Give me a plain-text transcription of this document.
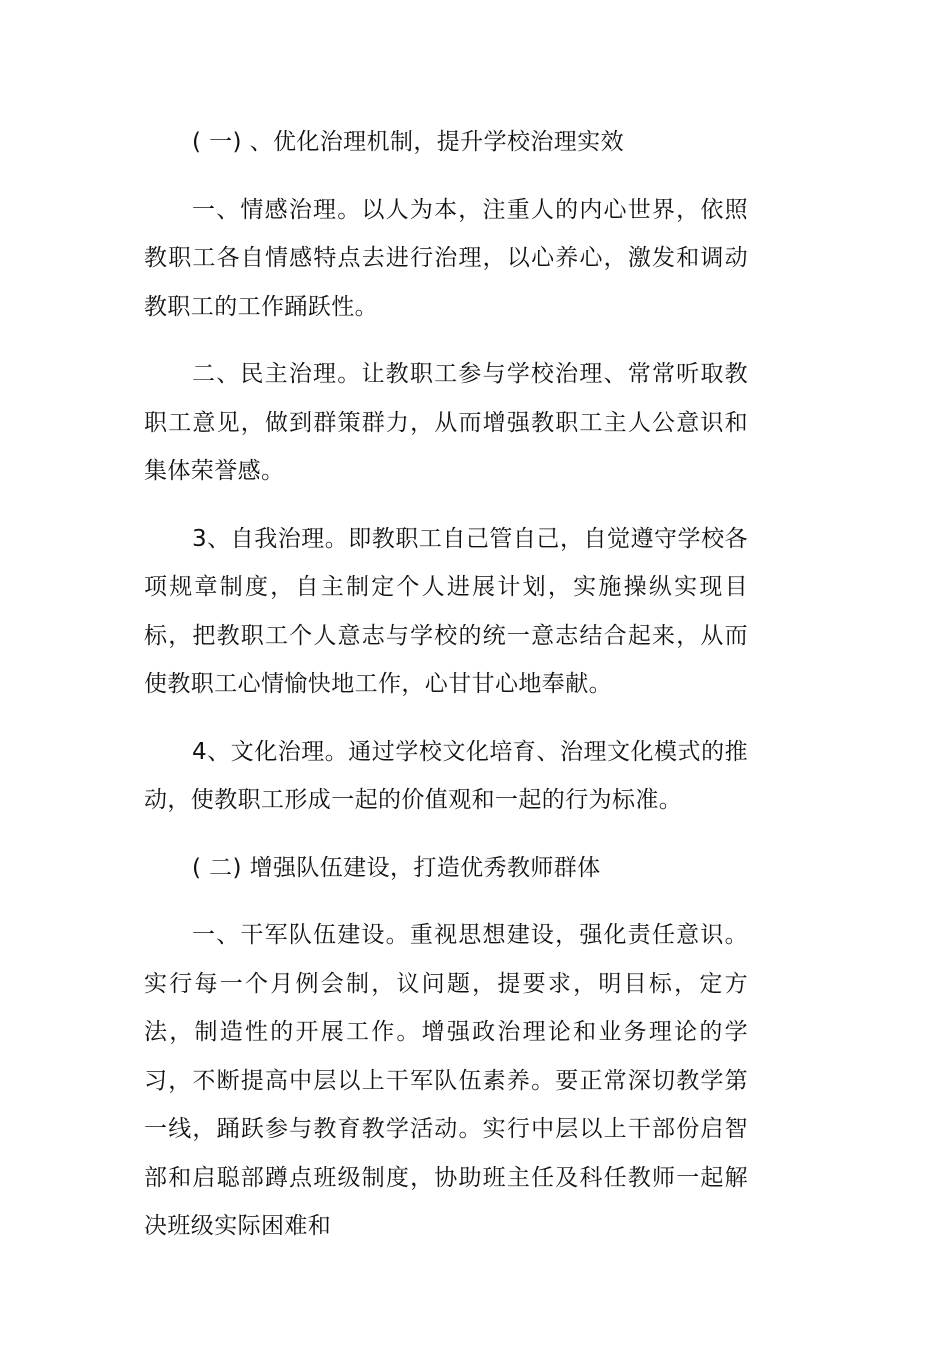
( 一) 、优化治理机制，提升学校治理实效

一、情感治理。以人为本，注重人的内心世界，依照教职工各自情感特点去进行治理，以心养心，激发和调动教职工的工作踊跃性。

二、民主治理。让教职工参与学校治理、常常听取教职工意见，做到群策群力，从而增强教职工主人公意识和集体荣誉感。

3、自我治理。即教职工自己管自己，自觉遵守学校各项规章制度，自主制定个人进展计划，实施操纵实现目标，把教职工个人意志与学校的统一意志结合起来，从而使教职工心情愉快地工作，心甘甘心地奉献。

4、文化治理。通过学校文化培育、治理文化模式的推动，使教职工形成一起的价值观和一起的行为标准。

( 二) 增强队伍建设，打造优秀教师群体

一、干军队伍建设。重视思想建设，强化责任意识。实行每一个月例会制，议问题，提要求，明目标，定方法，制造性的开展工作。增强政治理论和业务理论的学习，不断提高中层以上干军队伍素养。要正常深切教学第一线，踊跃参与教育教学活动。实行中层以上干部份启智部和启聪部蹲点班级制度，协助班主任及科任教师一起解决班级实际困难和
